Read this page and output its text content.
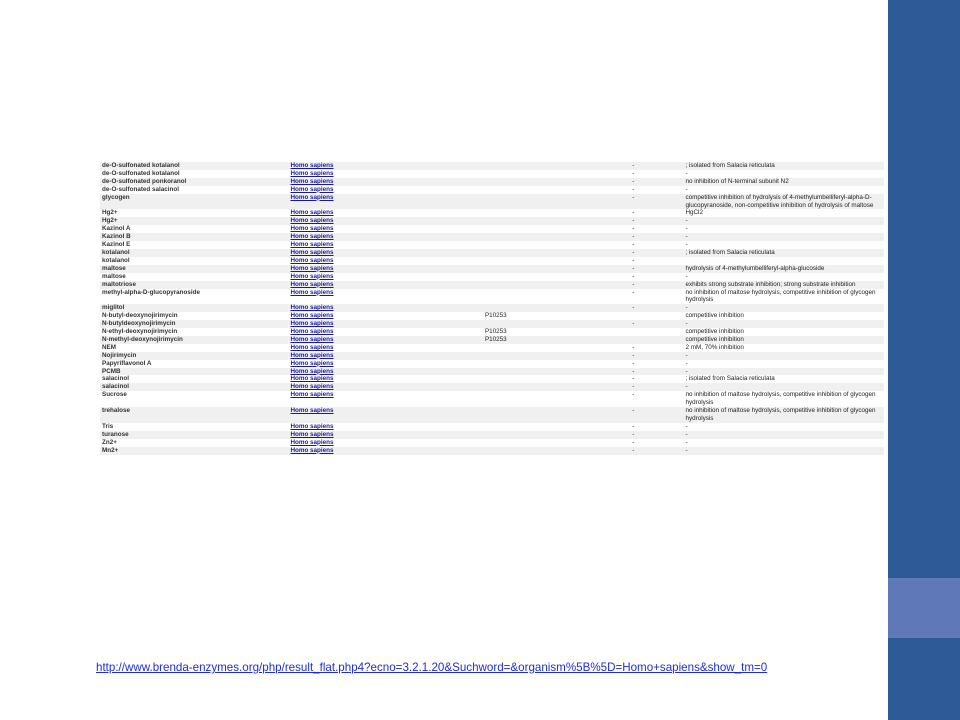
de-O-sulfonated kotalanol	Homo sapiens		-	; isolated from Salacia reticulata
de-O-sulfonated kotalanol	Homo sapiens		-	-
de-O-sulfonated ponkoranol	Homo sapiens		-	no inhibition of N-terminal subunit N2
de-O-sulfonated salacinol	Homo sapiens		-	-
glycogen	Homo sapiens		-	competitive inhibition of hydrolysis of 4-methylumbelliferyl-alpha-D-glucopyranoside, non-competitive inhibition of hydrolysis of maltose
Hg2+	Homo sapiens		-	HgCl2
Hg2+	Homo sapiens		-	-
Kazinol A	Homo sapiens		-	-
Kazinol B	Homo sapiens		-	-
Kazinol E	Homo sapiens		-	-
kotalanol	Homo sapiens		-	; isolated from Salacia reticulata
kotalanol	Homo sapiens		-	
maltose	Homo sapiens		-	hydrolysis of 4-methylumbelliferyl-alpha-glucoside
maltose	Homo sapiens		-	-
maltotriose	Homo sapiens		-	exhibits strong substrate inhibition; strong substrate inhibition
methyl-alpha-D-glucopyranoside	Homo sapiens		-	no inhibition of maltose hydrolysis, competitive inhibition of glycogen hydrolysis
miglitol	Homo sapiens		-	-
N-butyl-deoxynojirimycin	Homo sapiens	P10253		competitive inhibition
N-butyldeoxynojirimycin	Homo sapiens		-	-
N-ethyl-deoxynojirimycin	Homo sapiens	P10253		competitive inhibition
N-methyl-deoxynojirimycin	Homo sapiens	P10253		competitive inhibition
NEM	Homo sapiens		-	2 mM, 70% inhibition
Nojirimycin	Homo sapiens		-	-
Papyriflavonol A	Homo sapiens		-	-
PCMB	Homo sapiens		-	-
salacinol	Homo sapiens		-	; isolated from Salacia reticulata
salacinol	Homo sapiens		-	-
Sucrose	Homo sapiens		-	no inhibition of maltose hydrolysis, competitive inhibition of glycogen hydrolysis
trehalose	Homo sapiens		-	no inhibition of maltose hydrolysis, competitive inhibition of glycogen hydrolysis
Tris	Homo sapiens		-	-
turanose	Homo sapiens		-	-
Zn2+	Homo sapiens		-	-
Mn2+	Homo sapiens		-	-
http://www.brenda-enzymes.org/php/result_flat.php4?ecno=3.2.1.20&Suchword=&organism%5B%5D=Homo+sapiens&show_tm=0
